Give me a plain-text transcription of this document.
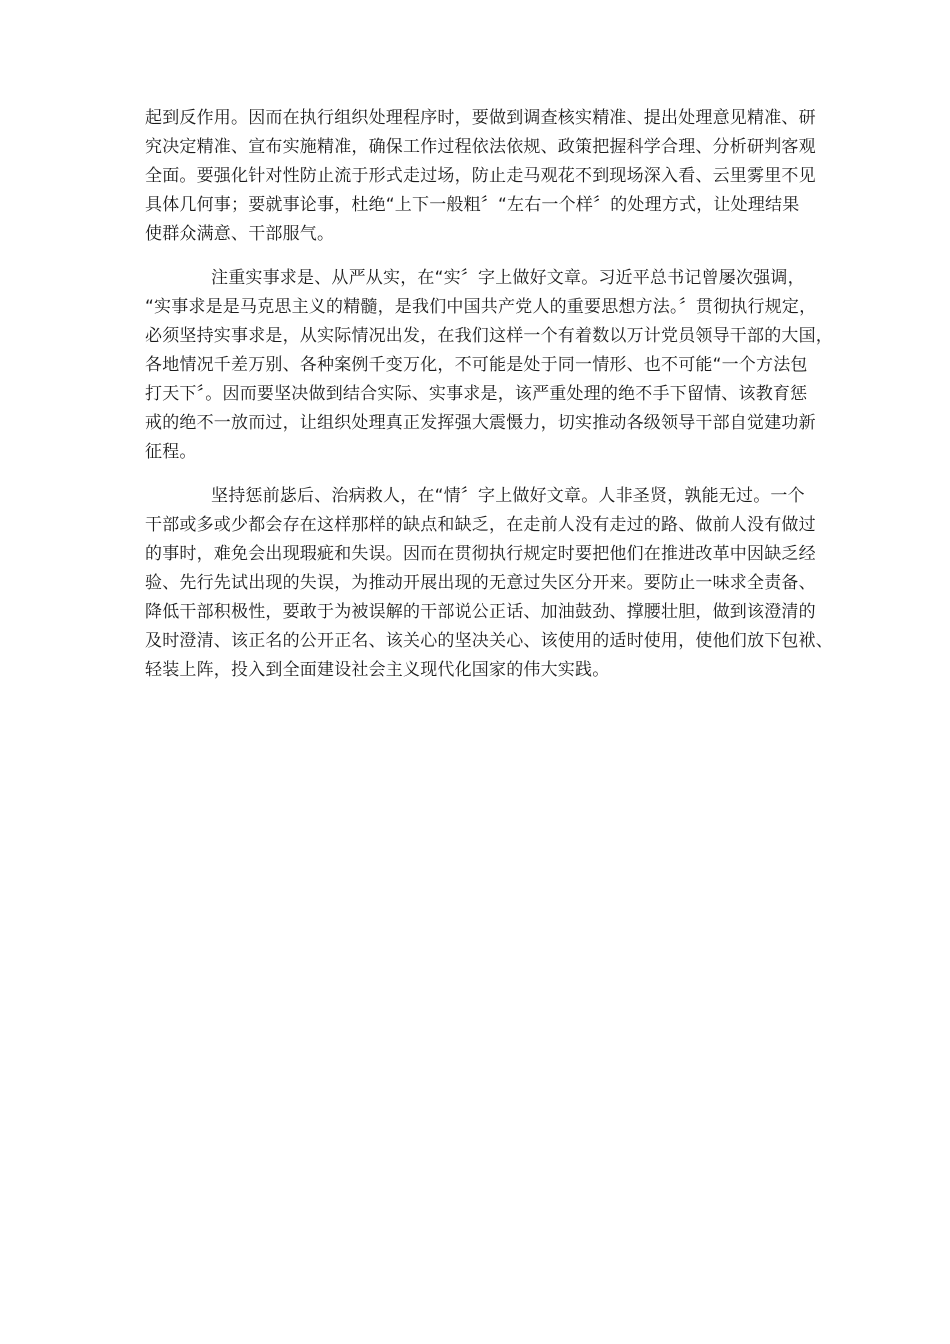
起到反作用。因而在执行组织处理程序时，要做到调查核实精准、提出处理意见精准、研
究决定精准、宣布实施精准，确保工作过程依法依规、政策把握科学合理、分析研判客观
全面。要强化针对性防止流于形式走过场，防止走马观花不到现场深入看、云里雾里不见
具体几何事；要就事论事，杜绝“上下一般粗〞“左右一个样〞的处理方式，让处理结果
使群众满意、干部服气。

注重实事求是、从严从实，在“实〞字上做好文章。习近平总书记曾屡次强调，
“实事求是是马克思主义的精髓，是我们中国共产党人的重要思想方法。〞贯彻执行规定，
必须坚持实事求是，从实际情况出发，在我们这样一个有着数以万计党员领导干部的大国，
各地情况千差万别、各种案例千变万化，不可能是处于同一情形、也不可能“一个方法包
打天下〞。因而要坚决做到结合实际、实事求是，该严重处理的绝不手下留情、该教育惩
戒的绝不一放而过，让组织处理真正发挥强大震慑力，切实推动各级领导干部自觉建功新
征程。

坚持惩前毖后、治病救人，在“情〞字上做好文章。人非圣贤，孰能无过。一个
干部或多或少都会存在这样那样的缺点和缺乏，在走前人没有走过的路、做前人没有做过
的事时，难免会出现瑕疵和失误。因而在贯彻执行规定时要把他们在推进改革中因缺乏经
验、先行先试出现的失误，为推动开展出现的无意过失区分开来。要防止一味求全责备、
降低干部积极性，要敢于为被误解的干部说公正话、加油鼓劲、撑腰壮胆，做到该澄清的
及时澄清、该正名的公开正名、该关心的坚决关心、该使用的适时使用，使他们放下包袱、
轻装上阵，投入到全面建设社会主义现代化国家的伟大实践。
